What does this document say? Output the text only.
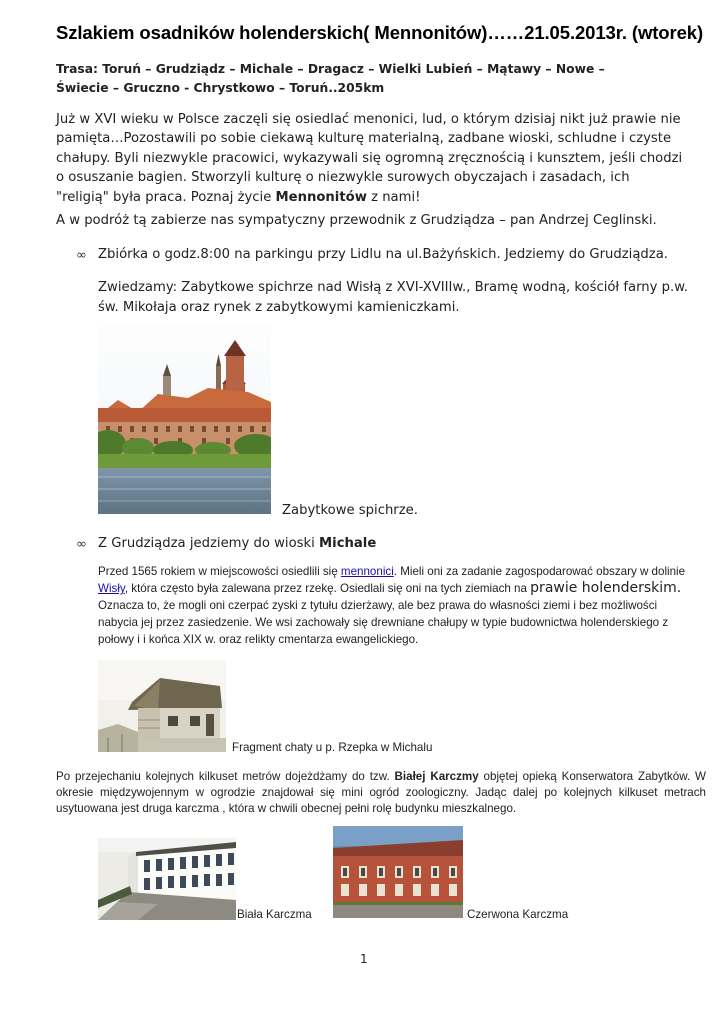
Szlakiem osadników holenderskich( Mennonitów)……21.05.2013r. (wtorek)
Trasa: Toruń – Grudziądz – Michale – Dragacz – Wielki Lubień – Mątawy – Nowe – Świecie – Gruczno - Chrystkowo – Toruń..205km
Już w XVI wieku w Polsce zaczęli się osiedlać menonici, lud, o którym dzisiaj nikt już prawie nie pamięta…Pozostawili po sobie ciekawą kulturę materialną, zadbane wioski, schludne i czyste chałupy. Byli niezwykle pracowici, wykazywali się ogromną zręcznością i kunsztem, jeśli chodzi o osuszanie bagien. Stworzyli kulturę o niezwykle surowych obyczajach i zasadach, ich "religią" była praca. Poznaj życie Mennonitów z nami!
A w podróż tą zabierze nas sympatyczny przewodnik z Grudziądza – pan Andrzej Ceglinski.
∞ Zbiórka o godz.8:00 na parkingu przy Lidlu na ul.Bażyńskich. Jedziemy do Grudziądza.
Zwiedzamy: Zabytkowe spichrze nad Wisłą z XVI-XVIIIw., Bramę wodną, kościół farny p.w. św. Mikołaja oraz rynek z zabytkowymi kamieniczkami.
Zabytkowe spichrze.
∞ Z Grudziądza jedziemy do wioski Michale
Przed 1565 rokiem w miejscowości osiedlili się mennonici. Mieli oni za zadanie zagospodarować obszary w dolinie Wisły, która często była zalewana przez rzekę. Osiedlali się oni na tych ziemiach na prawie holenderskim. Oznacza to, że mogli oni czerpać zyski z tytułu dzierżawy, ale bez prawa do własności ziemi i bez możliwości nabycia jej przez zasiedzenie. We wsi zachowały się drewniane chałupy w typie budownictwa holenderskiego z połowy i i końca XIX w. oraz relikty cmentarza ewangelickiego.
Fragment chaty u p. Rzepka w Michalu
Po przejechaniu kolejnych kilkuset metrów dojeżdżamy do tzw. Białej Karczmy objętej opieką Konserwatora Zabytków. W okresie międzywojennym w ogrodzie znajdował się mini ogród zoologiczny. Jadąc dalej po kolejnych kilkuset metrach usytuowana jest druga karczma , która w chwili obecnej pełni rolę budynku mieszkalnego.
Biała Karczma	Czerwona Karczma
1
